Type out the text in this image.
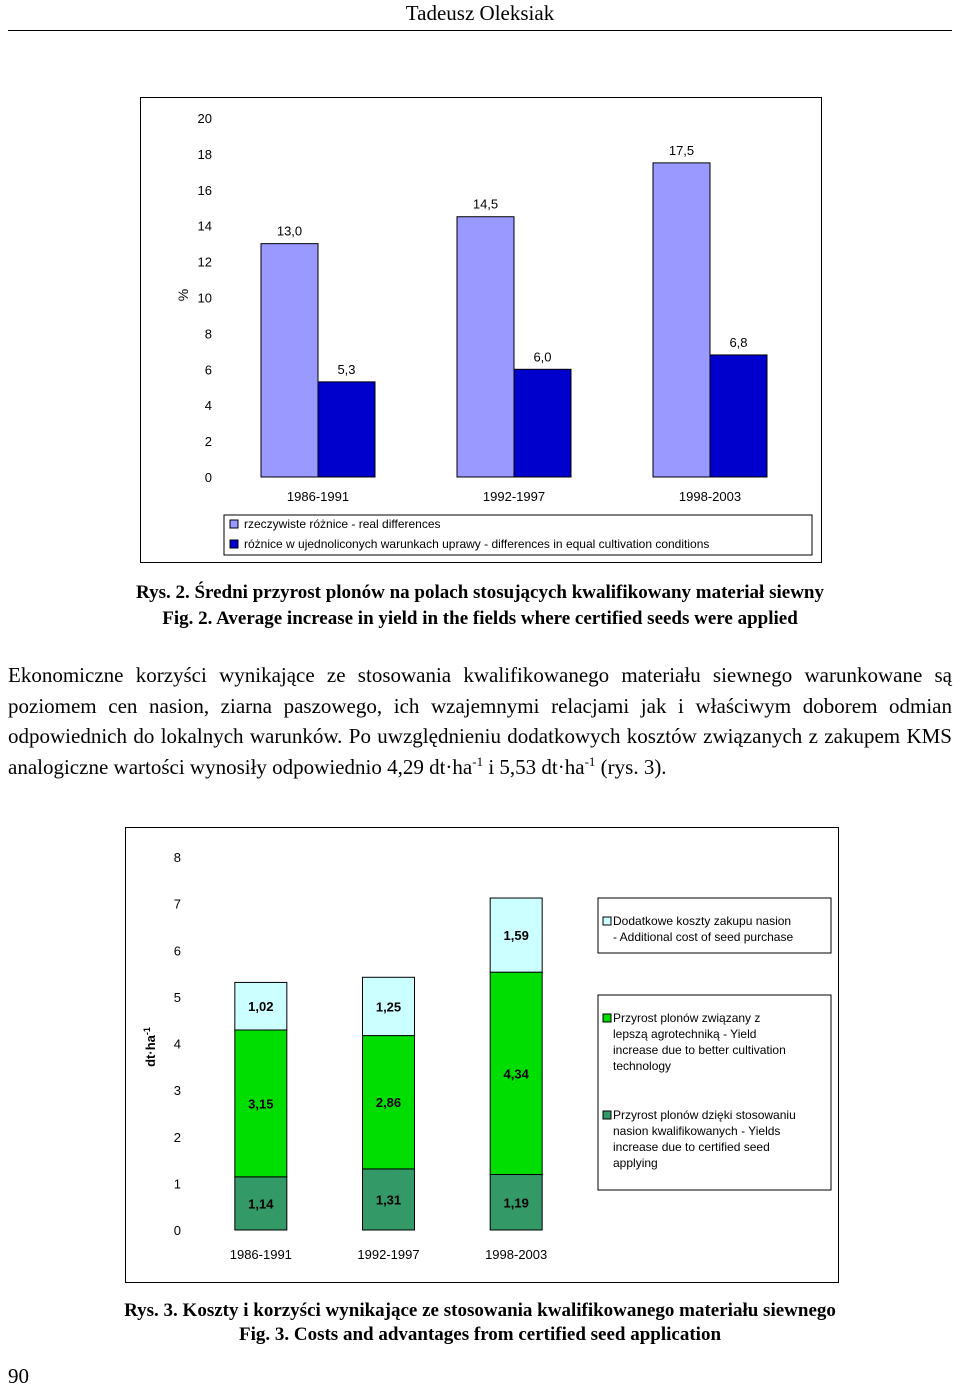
Tadeusz Oleksiak
0
2
4
6
8
10
12
14
16
18
20
%
1986-1991
13,0
5,3
1992-1997
14,5
6,0
1998-2003
17,5
6,8
rzeczywiste różnice - real differences
różnice w ujednoliconych warunkach uprawy - differences in equal cultivation conditions
Rys. 2. Średni przyrost plonów na polach stosujących kwalifikowany materiał siewny
Fig. 2. Average increase in yield in the fields where certified seeds were applied
Ekonomiczne korzyści wynikające ze stosowania kwalifikowanego materiału siewnego warunkowane są poziomem cen nasion, ziarna paszowego, ich wzajemnymi relacjami jak i właściwym doborem odmian odpowiednich do lokalnych warunków. Po uwzględnieniu dodatkowych kosztów związanych z zakupem KMS analogiczne wartości wynosiły odpowiednio 4,29 $dt\cdot ha^{-1}$ i 5,53 $dt\cdot ha^{-1}$ (rys. 3).
0
1
2
3
4
5
6
7
8
$dt\cdot ha^{-1}$
1986-1991
1,14
3,15
1,02
1992-1997
1,31
2,86
1,25
1998-2003
1,19
4,34
1,59
Dodatkowe koszty zakupu nasion
- Additional cost of seed purchase
Przyrost plonów związany z
lepszą agrotechniką - Yield
increase due to better cultivation
technology
Przyrost plonów dzięki stosowaniu
nasion kwalifikowanych - Yields
increase due to certified seed
applying
Rys. 3. Koszty i korzyści wynikające ze stosowania kwalifikowanego materiału siewnego
Fig. 3. Costs and advantages from certified seed application
90
